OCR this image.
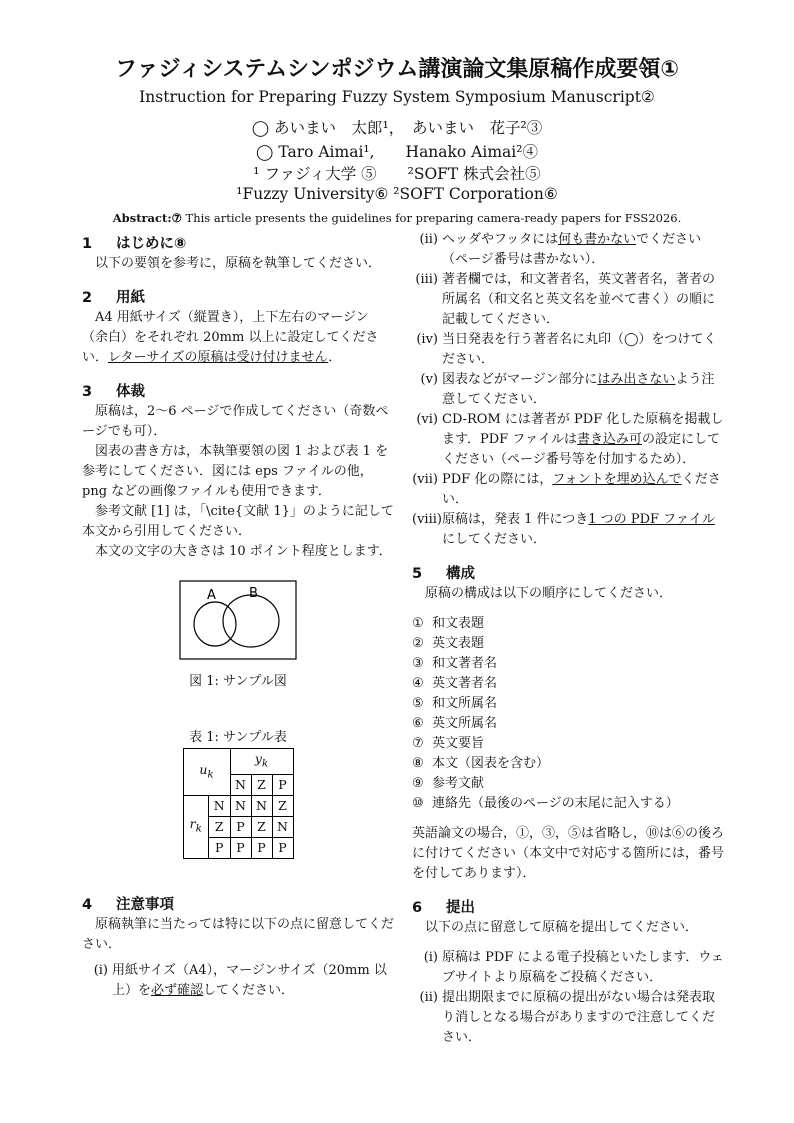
ファジィシステムシンポジウム講演論文集原稿作成要領①
Instruction for Preparing Fuzzy System Symposium Manuscript②
◯ あいまい　太郎¹，　あいまい　花子²③
◯ Taro Aimai¹,　　Hanako Aimai²④
¹ ファジィ大学 ⑤　　²SOFT 株式会社⑤
¹Fuzzy University⑥ ²SOFT Corporation⑥
Abstract:⑦ This article presents the guidelines for preparing camera-ready papers for FSS2026.
1 はじめに⑧

以下の要領を参考に，原稿を執筆してください．

2 用紙

A4 用紙サイズ（縦置き），上下左右のマージン（余白）をそれぞれ 20mm 以上に設定してください．レターサイズの原稿は受け付けません．

3 体裁

原稿は，2〜6 ページで作成してください（奇数ページでも可）．

図表の書き方は，本執筆要領の図 1 および表 1 を参考にしてください．図には eps ファイルの他，png などの画像ファイルも使用できます．

参考文献 [1] は，「\cite{文献 1}」のように記して本文から引用してください．

本文の文字の大きさは 10 ポイント程度とします．

A	B
図 1: サンプル図
表 1: サンプル表
$u_k$		$y_k$
		N	Z	P
$r_k$	N	N	N	Z
	Z	P	Z	N
	P	P	P	P
4 注意事項

原稿執筆に当たっては特に以下の点に留意してください．

(i) 用紙サイズ（A4），マージンサイズ（20mm 以上）を必ず確認してください．
(ii) ヘッダやフッタには何も書かないでください（ページ番号は書かない）．
(iii) 著者欄では，和文著者名，英文著者名，著者の所属名（和文名と英文名を並べて書く）の順に記載してください．
(iv) 当日発表を行う著者名に丸印（◯）をつけてください．
(v) 図表などがマージン部分にはみ出さないよう注意してください．
(vi) CD-ROM には著者が PDF 化した原稿を掲載します．PDF ファイルは書き込み可の設定にしてください（ページ番号等を付加するため）．
(vii) PDF 化の際には，フォントを埋め込んでください．
(viii) 原稿は，発表 1 件につき1 つの PDF ファイルにしてください．
5 構成

原稿の構成は以下の順序にしてください．

① 和文表題
② 英文表題
③ 和文著者名
④ 英文著者名
⑤ 和文所属名
⑥ 英文所属名
⑦ 英文要旨
⑧ 本文（図表を含む）
⑨ 参考文献
⑩ 連絡先（最後のページの末尾に記入する）

英語論文の場合，①，③，⑤は省略し，⑩は⑥の後ろに付けてください（本文中で対応する箇所には，番号を付してあります）．

6 提出

以下の点に留意して原稿を提出してください．

(i) 原稿は PDF による電子投稿といたします．ウェブサイトより原稿をご投稿ください．
(ii) 提出期限までに原稿の提出がない場合は発表取り消しとなる場合がありますので注意してください．
